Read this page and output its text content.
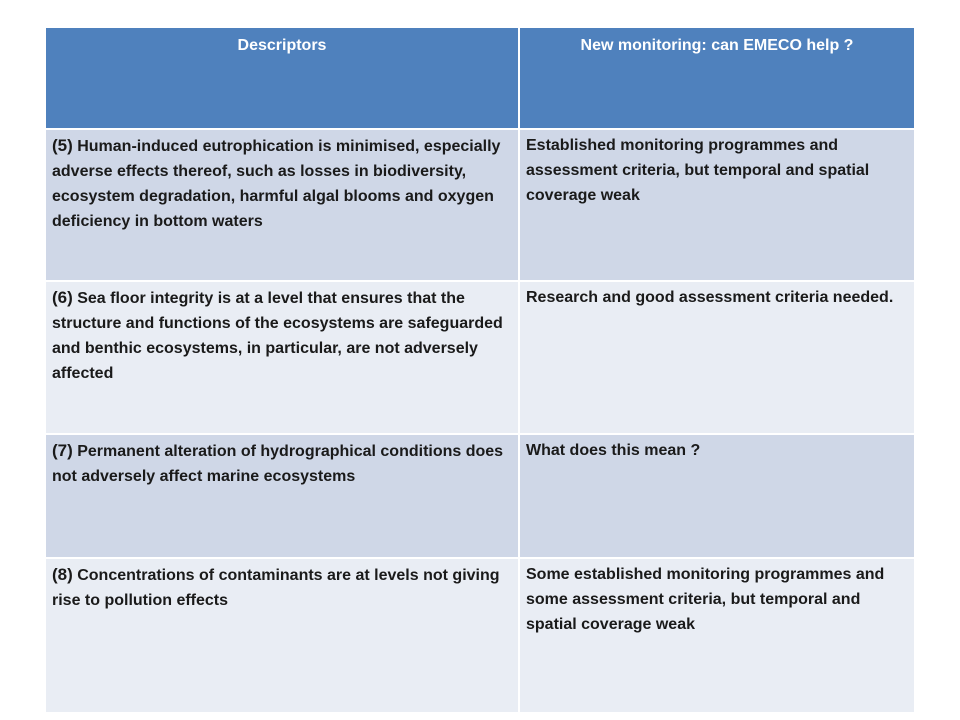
Descriptors	New monitoring: can EMECO help ?
(5) Human-induced eutrophication is minimised, especially adverse effects thereof, such as losses in biodiversity, ecosystem degradation, harmful algal blooms and oxygen deficiency in bottom waters	Established monitoring programmes and assessment criteria, but temporal and spatial coverage weak
(6) Sea floor integrity is at a level that ensures that the structure and functions of the ecosystems are safeguarded and benthic ecosystems, in particular, are not adversely affected	Research and good assessment criteria needed.
(7) Permanent alteration of hydrographical conditions does not adversely affect marine ecosystems	What does this mean ?
(8) Concentrations of contaminants are at levels not giving rise to pollution effects	Some established monitoring programmes and some assessment criteria, but temporal and spatial coverage weak
